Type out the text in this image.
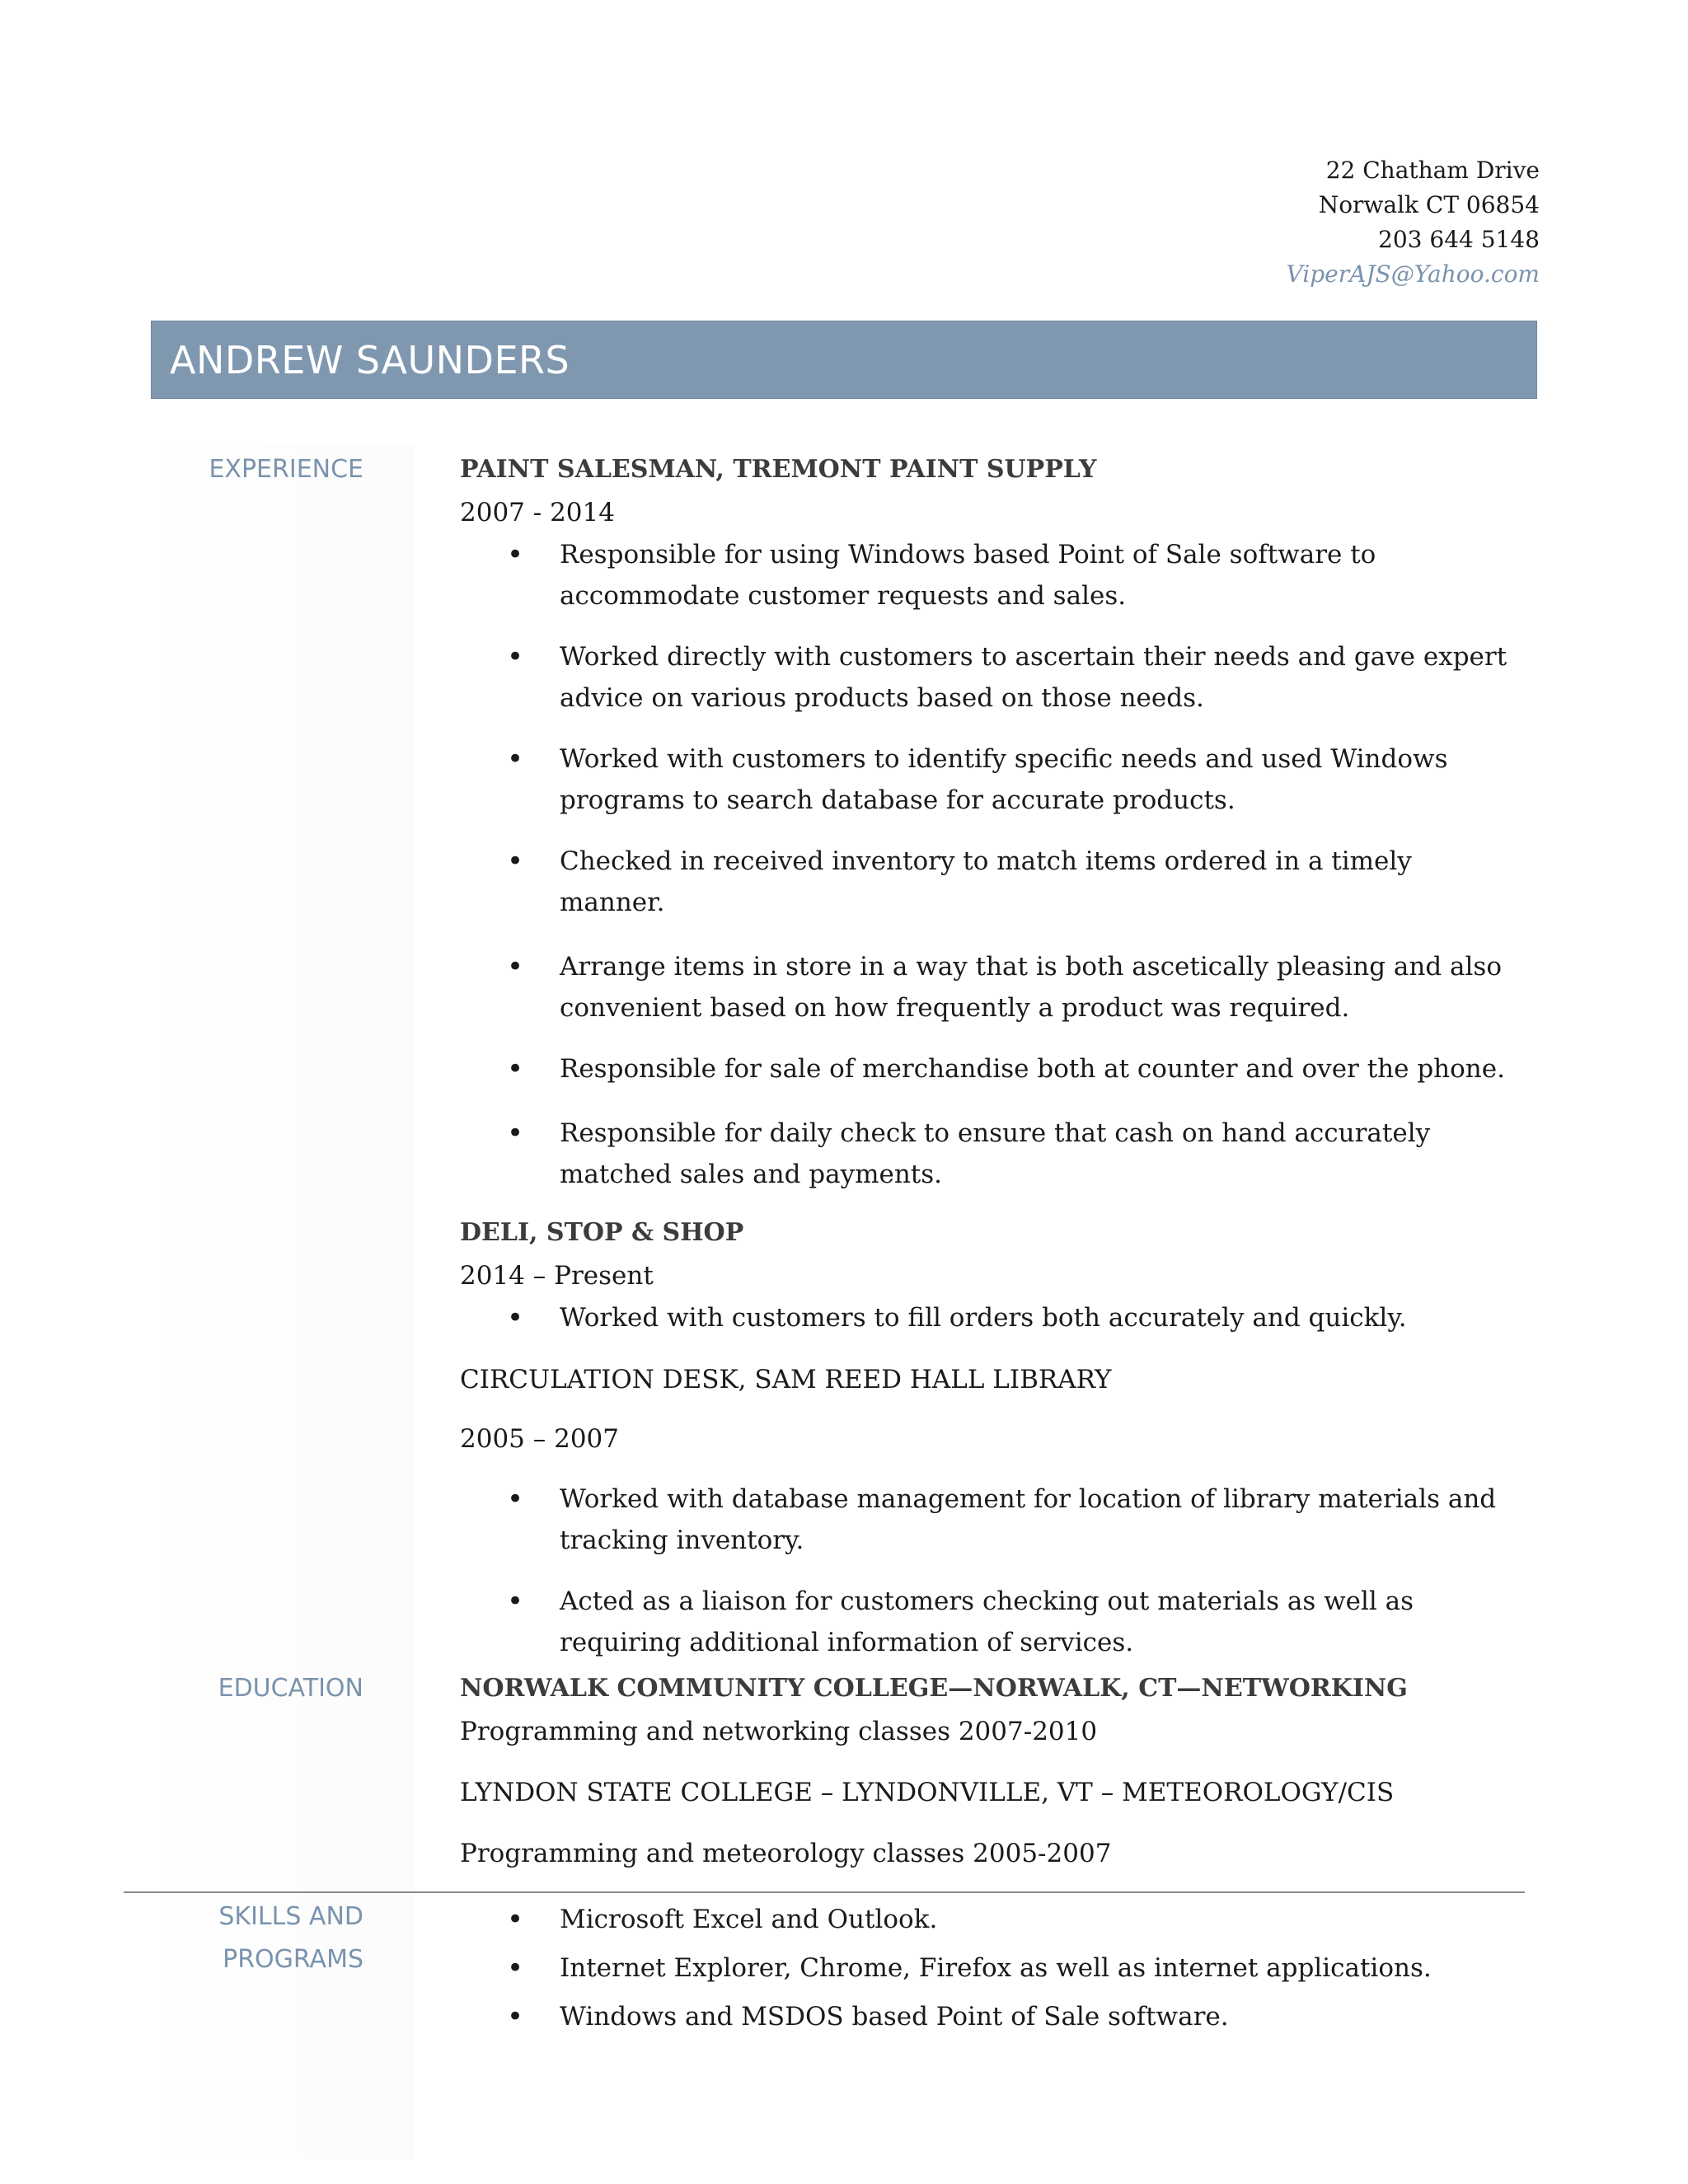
22 Chatham Drive
Norwalk CT 06854
203 644 5148
ViperAJS@Yahoo.com
ANDREW SAUNDERS
EXPERIENCE	PAINT SALESMAN, TREMONT PAINT SUPPLY
2007 - 2014
• Responsible for using Windows based Point of Sale software to accommodate customer requests and sales.
• Worked directly with customers to ascertain their needs and gave expert advice on various products based on those needs.
• Worked with customers to identify specific needs and used Windows programs to search database for accurate products.
• Checked in received inventory to match items ordered in a timely manner.
• Arrange items in store in a way that is both ascetically pleasing and also convenient based on how frequently a product was required.
• Responsible for sale of merchandise both at counter and over the phone.
• Responsible for daily check to ensure that cash on hand accurately matched sales and payments.
DELI, STOP & SHOP
2014 – Present
• Worked with customers to fill orders both accurately and quickly.
CIRCULATION DESK, SAM REED HALL LIBRARY
2005 – 2007
• Worked with database management for location of library materials and tracking inventory.
• Acted as a liaison for customers checking out materials as well as requiring additional information of services.
EDUCATION	NORWALK COMMUNITY COLLEGE—NORWALK, CT—NETWORKING
Programming and networking classes 2007-2010
LYNDON STATE COLLEGE – LYNDONVILLE, VT – METEOROLOGY/CIS
Programming and meteorology classes 2005-2007
SKILLS AND
PROGRAMS
• Microsoft Excel and Outlook.
• Internet Explorer, Chrome, Firefox as well as internet applications.
• Windows and MSDOS based Point of Sale software.
